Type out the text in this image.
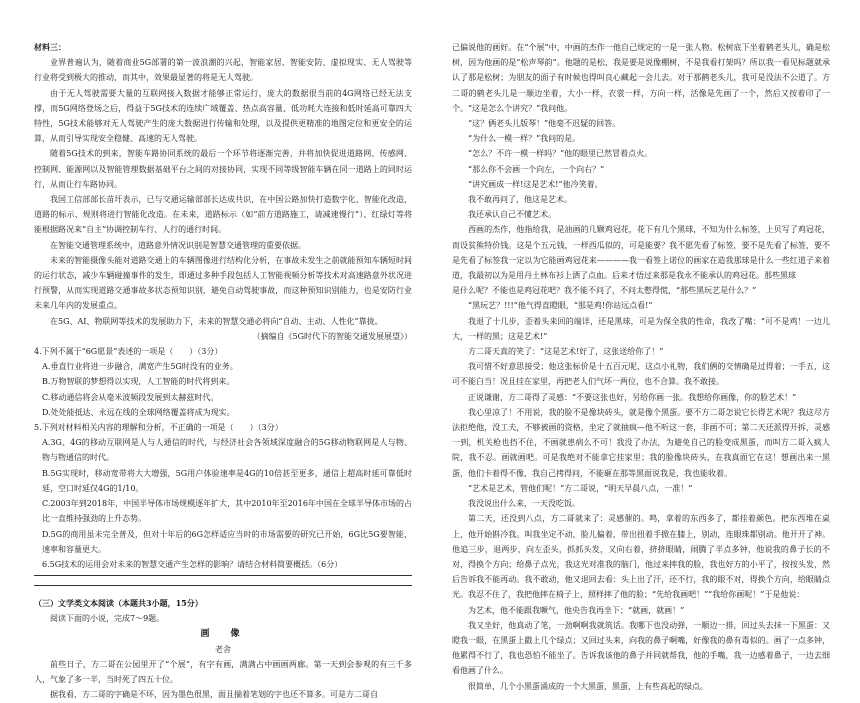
材料三：

业界普遍认为，随着商业5G部署的第一波浪潮的兴起，智能家居、智能安防、虚拟现实、无人驾驶等行业将受到极大的推动，而其中，效果最显著的将是无人驾驶。

由于无人驾驶需要大量的互联网接入数据才能够正常运行，庞大的数据很当前的4G网络已经无法支撑，而5G网络登场之后，得益于5G技术的连续广域覆盖、热点高容量、低功耗大连接和低时延高可靠四大特性，5G技术能够对无人驾驶产生的庞大数据进行传输和处理，以及提供更精准的地图定位和更安全的运算，从而引导实现安全稳健、高速的无人驾驶。

随着5G技术的到来，智能车路协同系统的最后一个环节将逐渐完善，并将加快促进道路网、传感网、控制网、能源网以及智能管理数据基础平台之间的对接协同，实现不同等级智能车辆在同一道路上的同时运行，从而让行车路协同。

我国工信部部长苗圩表示，已与交通运输部部长达成共识，在中国公路加快打造数字化、智能化改造，道路的标示、规则将进行智能化改造。在未来，道路标示（如“前方道路施工，请减速慢行”）、红绿灯等将能根据路况来“自主”协调控制车行、人行的通行时间。

在智能交通管理系统中，道路意外情况识别是智慧交通管理的重要依据。

未来的智能摄像头能对道路交通上的车辆图像进行结构化分析，在事故未发生之前就能预知车辆短时间的运行状态，减少车辆碰撞事件的发生，即通过多种手段包括人工智能视频分析等技术对高速路意外状况进行预警，从而实现道路交通事故多状态预知识别，避免自动驾驶事故，而这种预知识别能力，也是安防行业未来几年内的发展重点。

在5G、AI、物联网等技术的发展助力下，未来的智慧交通必将向“自动、主动、人性化”靠拢。

（摘编自《5G时代下的智能交通发展展望》）

4.下列不属于“6G愿景”表述的一项是（　　）（3分）

A.垂直行业将进一步融合，满宽产生5G时没有的业务。

B.万物智联的梦想得以实现，人工智能的时代将到来。

C.移动通信将会从毫米波频段发展到太赫兹时代。

D.处处能抵达、永远在线的全球网络覆盖将成为现实。

5.下列对材料相关内容的理解和分析，不正确的一项是（　　）（3分）

A.3G、4G的移动互联网是人与人通信的时代，与经济社会各领域深度融合的5G移动物联网是人与物、物与物通信的时代。

B.5G实现时，移动宽带将大大增强，5G用户体验速率是4G的10倍甚至更多，通信上超高时延可靠低时延，空口时延仅4G的1/10。

C.2003年到2018年，中国半导体市场规模逐年扩大，其中2010年至2016年中国在全球半导体市场的占比一直维持强劲的上升态势。

D.5G的商用虽未完全普及，但对十年后的6G怎样适应当时的市场需要的研究已开始，6G比5G要智能，速率和容量更大。

6.5G技术的运用会对未来的智慧交通产生怎样的影响？请结合材料简要概括。（6分）

（三）文学类文本阅读（本题共3小题，15分）

阅读下面的小说，完成7～9题。

画　像

老舍

前些日子，方二哥在公园里开了“个展”，有字有画，满满占中画画两廊。第一天到会参观的有三千多人，气象了多一半，当时死了四五十位。

据我看，方二哥的字确是不坏，因为墨色很黑，面且揣着笔划的字也还不算多。可是方二哥自

己偏说他的画好。在“个展”中，中画的杰作一他自己规定的一是一张人物。松树底下坐着鹤老头儿，确是松树，因为他画的是“松声琴韵”。他题的是松，我是要是说像棚树，不是我看打架吗？所以我一看见标题就承认了那是松树；为朋友的面子有时候也得叫良心藏起一会儿去。对于那鹤老头儿，我可是没法不公道了。方二哥的鹤老头儿是一顺边坐着，大小一样，衣裳一样，方向一样，活像是先画了一个，然后又按着印了一个。“这是怎么个讲究？”我问他。

“这？俩老头儿版琴！”他毫不迟疑的回答。

“为什么一模一样？”我问的是。

“怎么？不许一模一样吗？”他的眼里已然冒着点火。

“那么你不会画一个向左，一个向右？”

“讲究画成一样!这是艺术!”他冷笑着。

我不敢再问了，他这是艺术。

我还承认自己不懂艺术。

西画的杰作，他指给我，是油画的几颗鸡冠花，花下有几个黑球，不知为什么标签，上贝写了鸡冠花，而设贫熊特价钱。这是个五元钱，一样西瓜似的，可是能要？我不愿先看了标签，要不是先看了标签，要不是先看了标签我一定以为它能画鸡冠花来————我一看签上诺位的画家在造我那球是什么一些红道子来着道，我最初以为是用丹土林布衫上洒了点血。后来才悟过来那是我永不能承认的鸡冠花。那些黑球

是什么呢？不能也是鸡冠花吧？我不能不问了，不问太憋得慌，“那些黑玩艺是什么？”

“黑玩艺？!!!”他气得直瞪眼，“那是鸡!你站远点看!”

我退了十几步，歪着头来回的端详，还是黑球，可是为保全我的性命，我改了嘴：“可不是鸡！一边儿大，一样的黑；这是艺术!”

方二哥天真的笑了：“这是艺术!好了，这张送给你了！”

我可惜不好意思接受；他这张标价是十五百元呢，这点小礼物，我们俩的交情确是过得着；一手五，这可不能白当！况且挂在家里，再把老人们气坏一两位，也不合算。我不敢接。

正说谦谢，方二哥得了灵感：“不要这张也好，另给你画一张。我想给你画像，你的脸艺术！”

我心里凉了！不用说，我的脸不是像块砖头，就是像个黑蛋。要不方二哥怎说它长得艺术呢？我这尽方法拒绝他，没工夫，不够被画的资格，坐定了就抽疯—他不听这一套，非画不可；第二天还派得开拆，灵感一到，机关枪也挡不住，不画就患病么不可！我没了办法，为避免自己的脸变成黑蛋，而叫方二哥入疯人院，我不忍。画就画吧。可是我绝对不能拿它挂家里；我的脸像块砖头，在我真面它在这！想画出来一黑蛋，他们卡着得不像，我自己拷得问，不能砸在那等黑面说我是，我也能收着。

“艺术是艺术，管他们呢！”方二哥说，“明天早晨八点，一准！”

我没说出什么来，一天没吃饭。

第二天，还没到八点，方二哥就来了：灵感催的。鸣，拿着的东西多了，都挂着颜色。把东西堆在桌上，他开始斟冷我。叫我坐定不动，脸儿偏着，带出扭着手掀在膝上，别动，连眼珠都别动。他开开了神。他追三步，退两步，向左歪头，抓抓头发，又向右着，挤挤眼睛，闹腾了半点多钟，他说我的鼻子长的不对，得换个方向；给鼻子点光，我这光对准我的脑门，他过来摔我的脸，我也好方的小平了，按按头发，然后告诉我不能再动。我不敢动，他又退回去看：头上出了汗，还不行，我的眼不对，得换个方向，给眼睛点光。我忍不住了，我把他摔在椅子上，照样摔了他的脸；“先给我画吧！”“我给你画呢！”于是他说：

为艺术，他不能跟我噘气，他央告我再坐下；“就画，就画！”

我又坐好，他真动了笔，一劲啊啊我就筑话。我哪下也没动弹，一顺边一排，回过头去抹一下黑蛋：又瞪我一眼，在黑蛋上戳上几个绿点；又回过头来，向我的鼻子啊嘴，好像我的鼻有毒似的。画了一点多钟，他累得不行了，我也恐怕不能坐了。告诉我该他的鼻子并同就帮我，他的手嘴，我一边感着鼻子，一边去细看他画了什么。

很简单，几个小黑蛋涌成的一个大黑蛋，黑蛋，上有些高起的绿点。
